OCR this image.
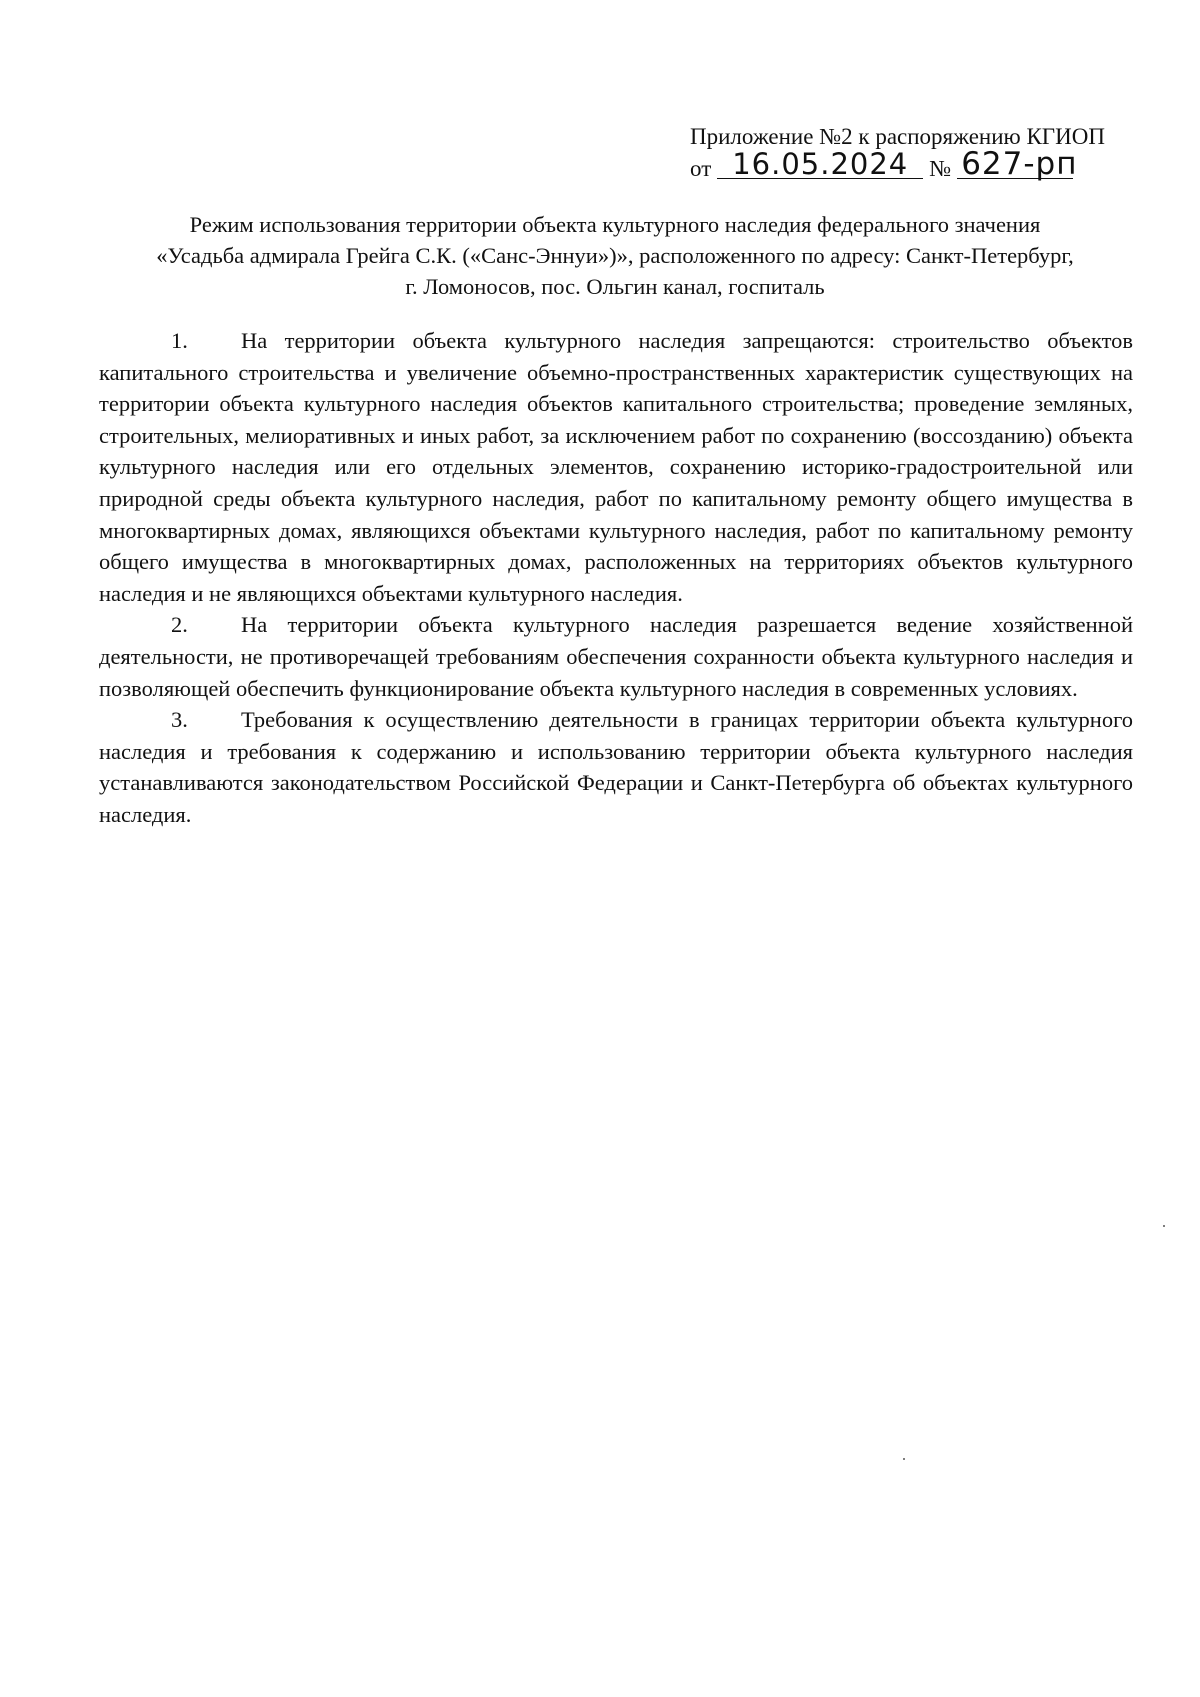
Приложение №2 к распоряжению КГИОП
от 16.05.2024 № 627-рп
Режим использования территории объекта культурного наследия федерального значения
«Усадьба адмирала Грейга С.К. («Санс-Эннуи»)», расположенного по адресу: Санкт-Петербург,
г. Ломоносов, пос. Ольгин канал, госпиталь

1. На территории объекта культурного наследия запрещаются: строительство объектов капитального строительства и увеличение объемно-пространственных характеристик существующих на территории объекта культурного наследия объектов капитального строительства; проведение земляных, строительных, мелиоративных и иных работ, за исключением работ по сохранению (воссозданию) объекта культурного наследия или его отдельных элементов, сохранению историко-градостроительной или природной среды объекта культурного наследия, работ по капитальному ремонту общего имущества в многоквартирных домах, являющихся объектами культурного наследия, работ по капитальному ремонту общего имущества в многоквартирных домах, расположенных на территориях объектов культурного наследия и не являющихся объектами культурного наследия.

2. На территории объекта культурного наследия разрешается ведение хозяйственной деятельности, не противоречащей требованиям обеспечения сохранности объекта культурного наследия и позволяющей обеспечить функционирование объекта культурного наследия в современных условиях.

3. Требования к осуществлению деятельности в границах территории объекта культурного наследия и требования к содержанию и использованию территории объекта культурного наследия устанавливаются законодательством Российской Федерации и Санкт-Петербурга об объектах культурного наследия.
